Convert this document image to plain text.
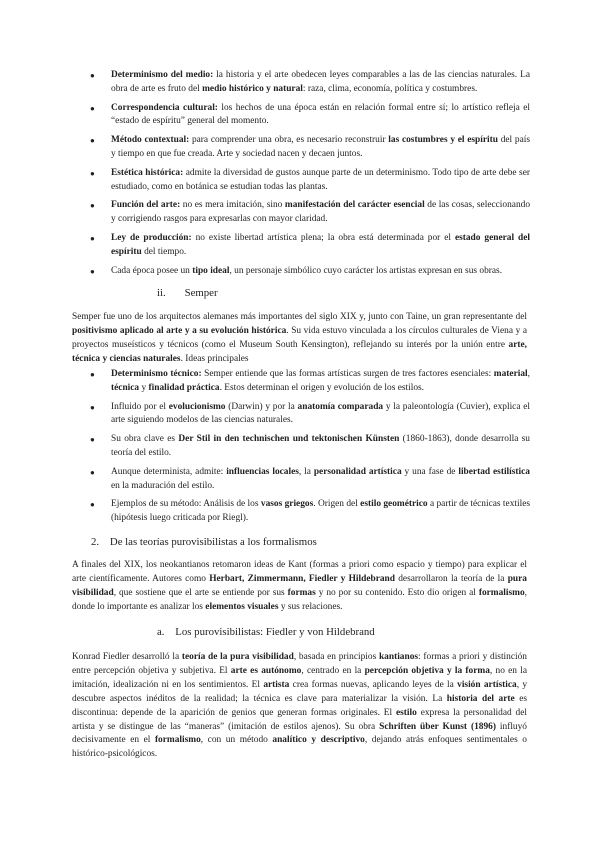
● Determinismo del medio: la historia y el arte obedecen leyes comparables a las de las ciencias naturales. La obra de arte es fruto del medio histórico y natural: raza, clima, economía, política y costumbres.
● Correspondencia cultural: los hechos de una época están en relación formal entre sí; lo artístico refleja el “estado de espíritu” general del momento.
● Método contextual: para comprender una obra, es necesario reconstruir las costumbres y el espíritu del país y tiempo en que fue creada. Arte y sociedad nacen y decaen juntos.
● Estética histórica: admite la diversidad de gustos aunque parte de un determinismo. Todo tipo de arte debe ser estudiado, como en botánica se estudian todas las plantas.
● Función del arte: no es mera imitación, sino manifestación del carácter esencial de las cosas, seleccionando y corrigiendo rasgos para expresarlas con mayor claridad.
● Ley de producción: no existe libertad artística plena; la obra está determinada por el estado general del espíritu del tiempo.
● Cada época posee un tipo ideal, un personaje simbólico cuyo carácter los artistas expresan en sus obras.

ii.       Semper

Semper fue uno de los arquitectos alemanes más importantes del siglo XIX y, junto con Taine, un gran representante del positivismo aplicado al arte y a su evolución histórica. Su vida estuvo vinculada a los círculos culturales de Viena y a proyectos museísticos y técnicos (como el Museum South Kensington), reflejando su interés por la unión entre arte, técnica y ciencias naturales. Ideas principales

● Determinismo técnico: Semper entiende que las formas artísticas surgen de tres factores esenciales: material, técnica y finalidad práctica. Estos determinan el origen y evolución de los estilos.
● Influido por el evolucionismo (Darwin) y por la anatomía comparada y la paleontología (Cuvier), explica el arte siguiendo modelos de las ciencias naturales.
● Su obra clave es Der Stil in den technischen und tektonischen Künsten (1860-1863), donde desarrolla su teoría del estilo.
● Aunque determinista, admite: influencias locales, la personalidad artística y una fase de libertad estilística en la maduración del estilo.
● Ejemplos de su método: Análisis de los vasos griegos. Origen del estilo geométrico a partir de técnicas textiles (hipótesis luego criticada por Riegl).

2.    De las teorías purovisibilistas a los formalismos

A finales del XIX, los neokantianos retomaron ideas de Kant (formas a priori como espacio y tiempo) para explicar el arte científicamente. Autores como Herbart, Zimmermann, Fiedler y Hildebrand desarrollaron la teoría de la pura visibilidad, que sostiene que el arte se entiende por sus formas y no por su contenido. Esto dio origen al formalismo, donde lo importante es analizar los elementos visuales y sus relaciones.

a.    Los purovisibilistas: Fiedler y von Hildebrand

Konrad Fiedler desarrolló la teoría de la pura visibilidad, basada en principios kantianos: formas a priori y distinción entre percepción objetiva y subjetiva. El arte es autónomo, centrado en la percepción objetiva y la forma, no en la imitación, idealización ni en los sentimientos. El artista crea formas nuevas, aplicando leyes de la visión artística, y descubre aspectos inéditos de la realidad; la técnica es clave para materializar la visión. La historia del arte es discontinua: depende de la aparición de genios que generan formas originales. El estilo expresa la personalidad del artista y se distingue de las “maneras” (imitación de estilos ajenos). Su obra Schriften über Kunst (1896) influyó decisivamente en el formalismo, con un método analítico y descriptivo, dejando atrás enfoques sentimentales o histórico-psicológicos.
